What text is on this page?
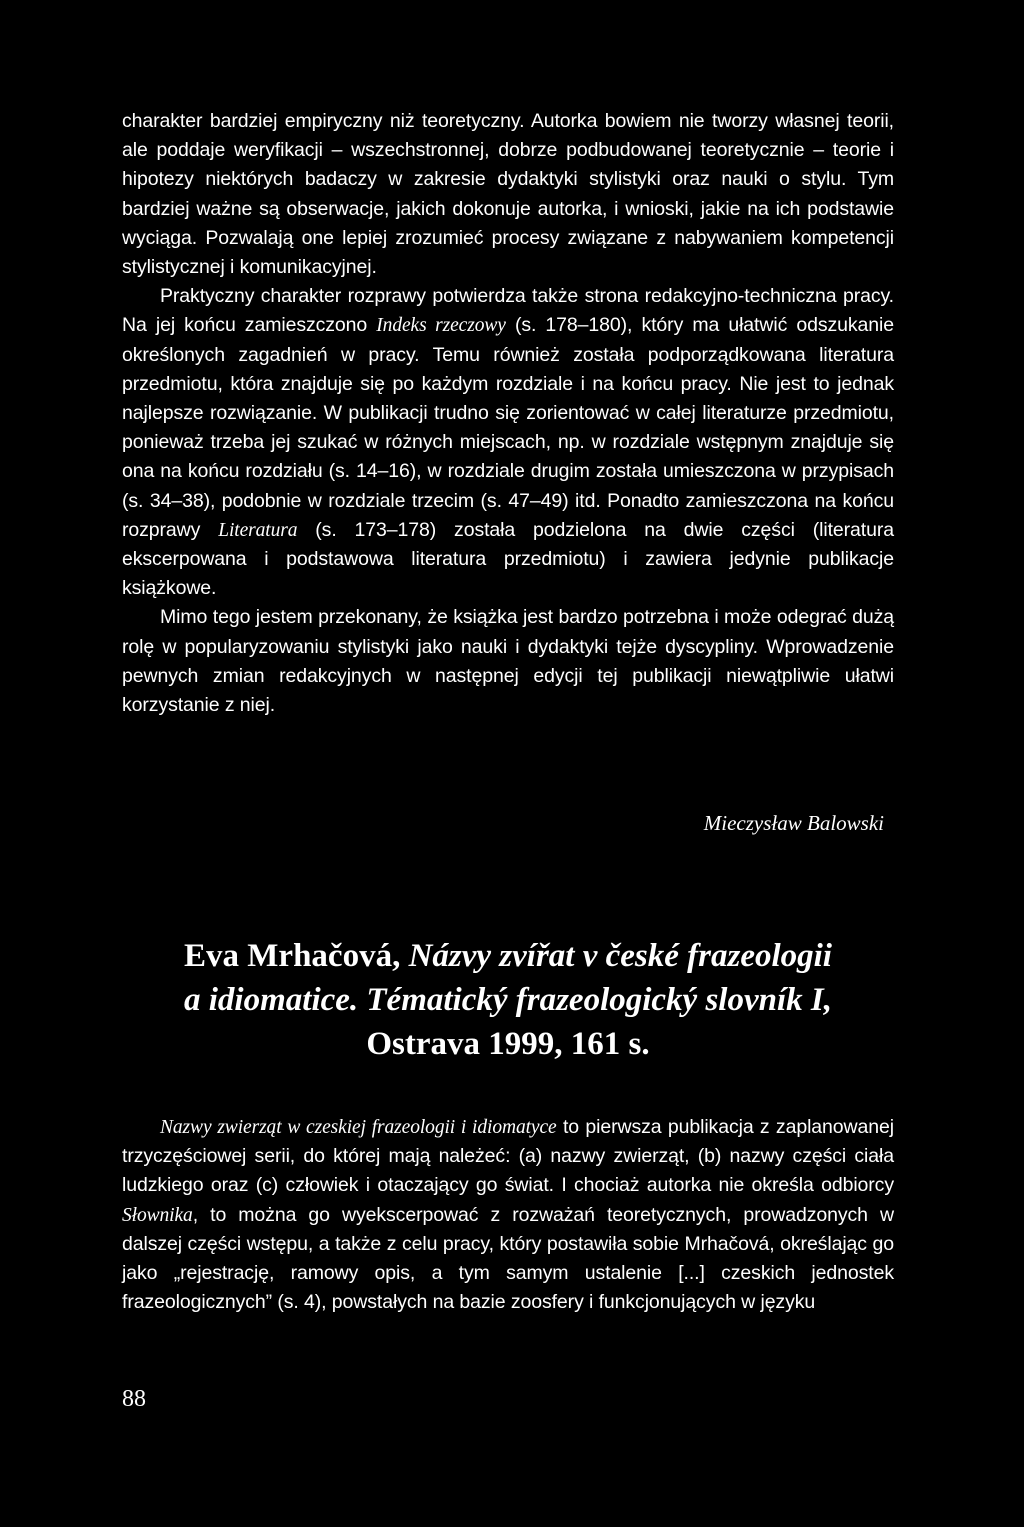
charakter bardziej empiryczny niż teoretyczny. Autorka bowiem nie tworzy własnej teorii, ale poddaje weryfikacji – wszechstronnej, dobrze podbudowanej teoretycznie – teorie i hipotezy niektórych badaczy w zakresie dydaktyki stylistyki oraz nauki o stylu. Tym bardziej ważne są obserwacje, jakich dokonuje autorka, i wnioski, jakie na ich podstawie wyciąga. Pozwalają one lepiej zrozumieć procesy związane z nabywaniem kompetencji stylistycznej i komunikacyjnej.

Praktyczny charakter rozprawy potwierdza także strona redakcyjno-techniczna pracy. Na jej końcu zamieszczono Indeks rzeczowy (s. 178–180), który ma ułatwić odszukanie określonych zagadnień w pracy. Temu również została podporządkowana literatura przedmiotu, która znajduje się po każdym rozdziale i na końcu pracy. Nie jest to jednak najlepsze rozwiązanie. W publikacji trudno się zorientować w całej literaturze przedmiotu, ponieważ trzeba jej szukać w różnych miejscach, np. w rozdziale wstępnym znajduje się ona na końcu rozdziału (s. 14–16), w rozdziale drugim została umieszczona w przypisach (s. 34–38), podobnie w rozdziale trzecim (s. 47–49) itd. Ponadto zamieszczona na końcu rozprawy Literatura (s. 173–178) została podzielona na dwie części (literatura ekscerpowana i podstawowa literatura przedmiotu) i zawiera jedynie publikacje książkowe.

Mimo tego jestem przekonany, że książka jest bardzo potrzebna i może odegrać dużą rolę w popularyzowaniu stylistyki jako nauki i dydaktyki tejże dyscypliny. Wprowadzenie pewnych zmian redakcyjnych w następnej edycji tej publikacji niewątpliwie ułatwi korzystanie z niej.

Mieczysław Balowski
Eva Mrhačová, Názvy zvířat v české frazeologii
a idiomatice. Tématický frazeologický slovník I,
Ostrava 1999, 161 s.

Nazwy zwierząt w czeskiej frazeologii i idiomatyce to pierwsza publikacja z zaplanowanej trzyczęściowej serii, do której mają należeć: (a) nazwy zwierząt, (b) nazwy części ciała ludzkiego oraz (c) człowiek i otaczający go świat. I chociaż autorka nie określa odbiorcy Słownika, to można go wyekscerpować z rozważań teoretycznych, prowadzonych w dalszej części wstępu, a także z celu pracy, który postawiła sobie Mrhačová, określając go jako „rejestrację, ramowy opis, a tym samym ustalenie [...] czeskich jednostek frazeologicznych” (s. 4), powstałych na bazie zoosfery i funkcjonujących w języku

88
